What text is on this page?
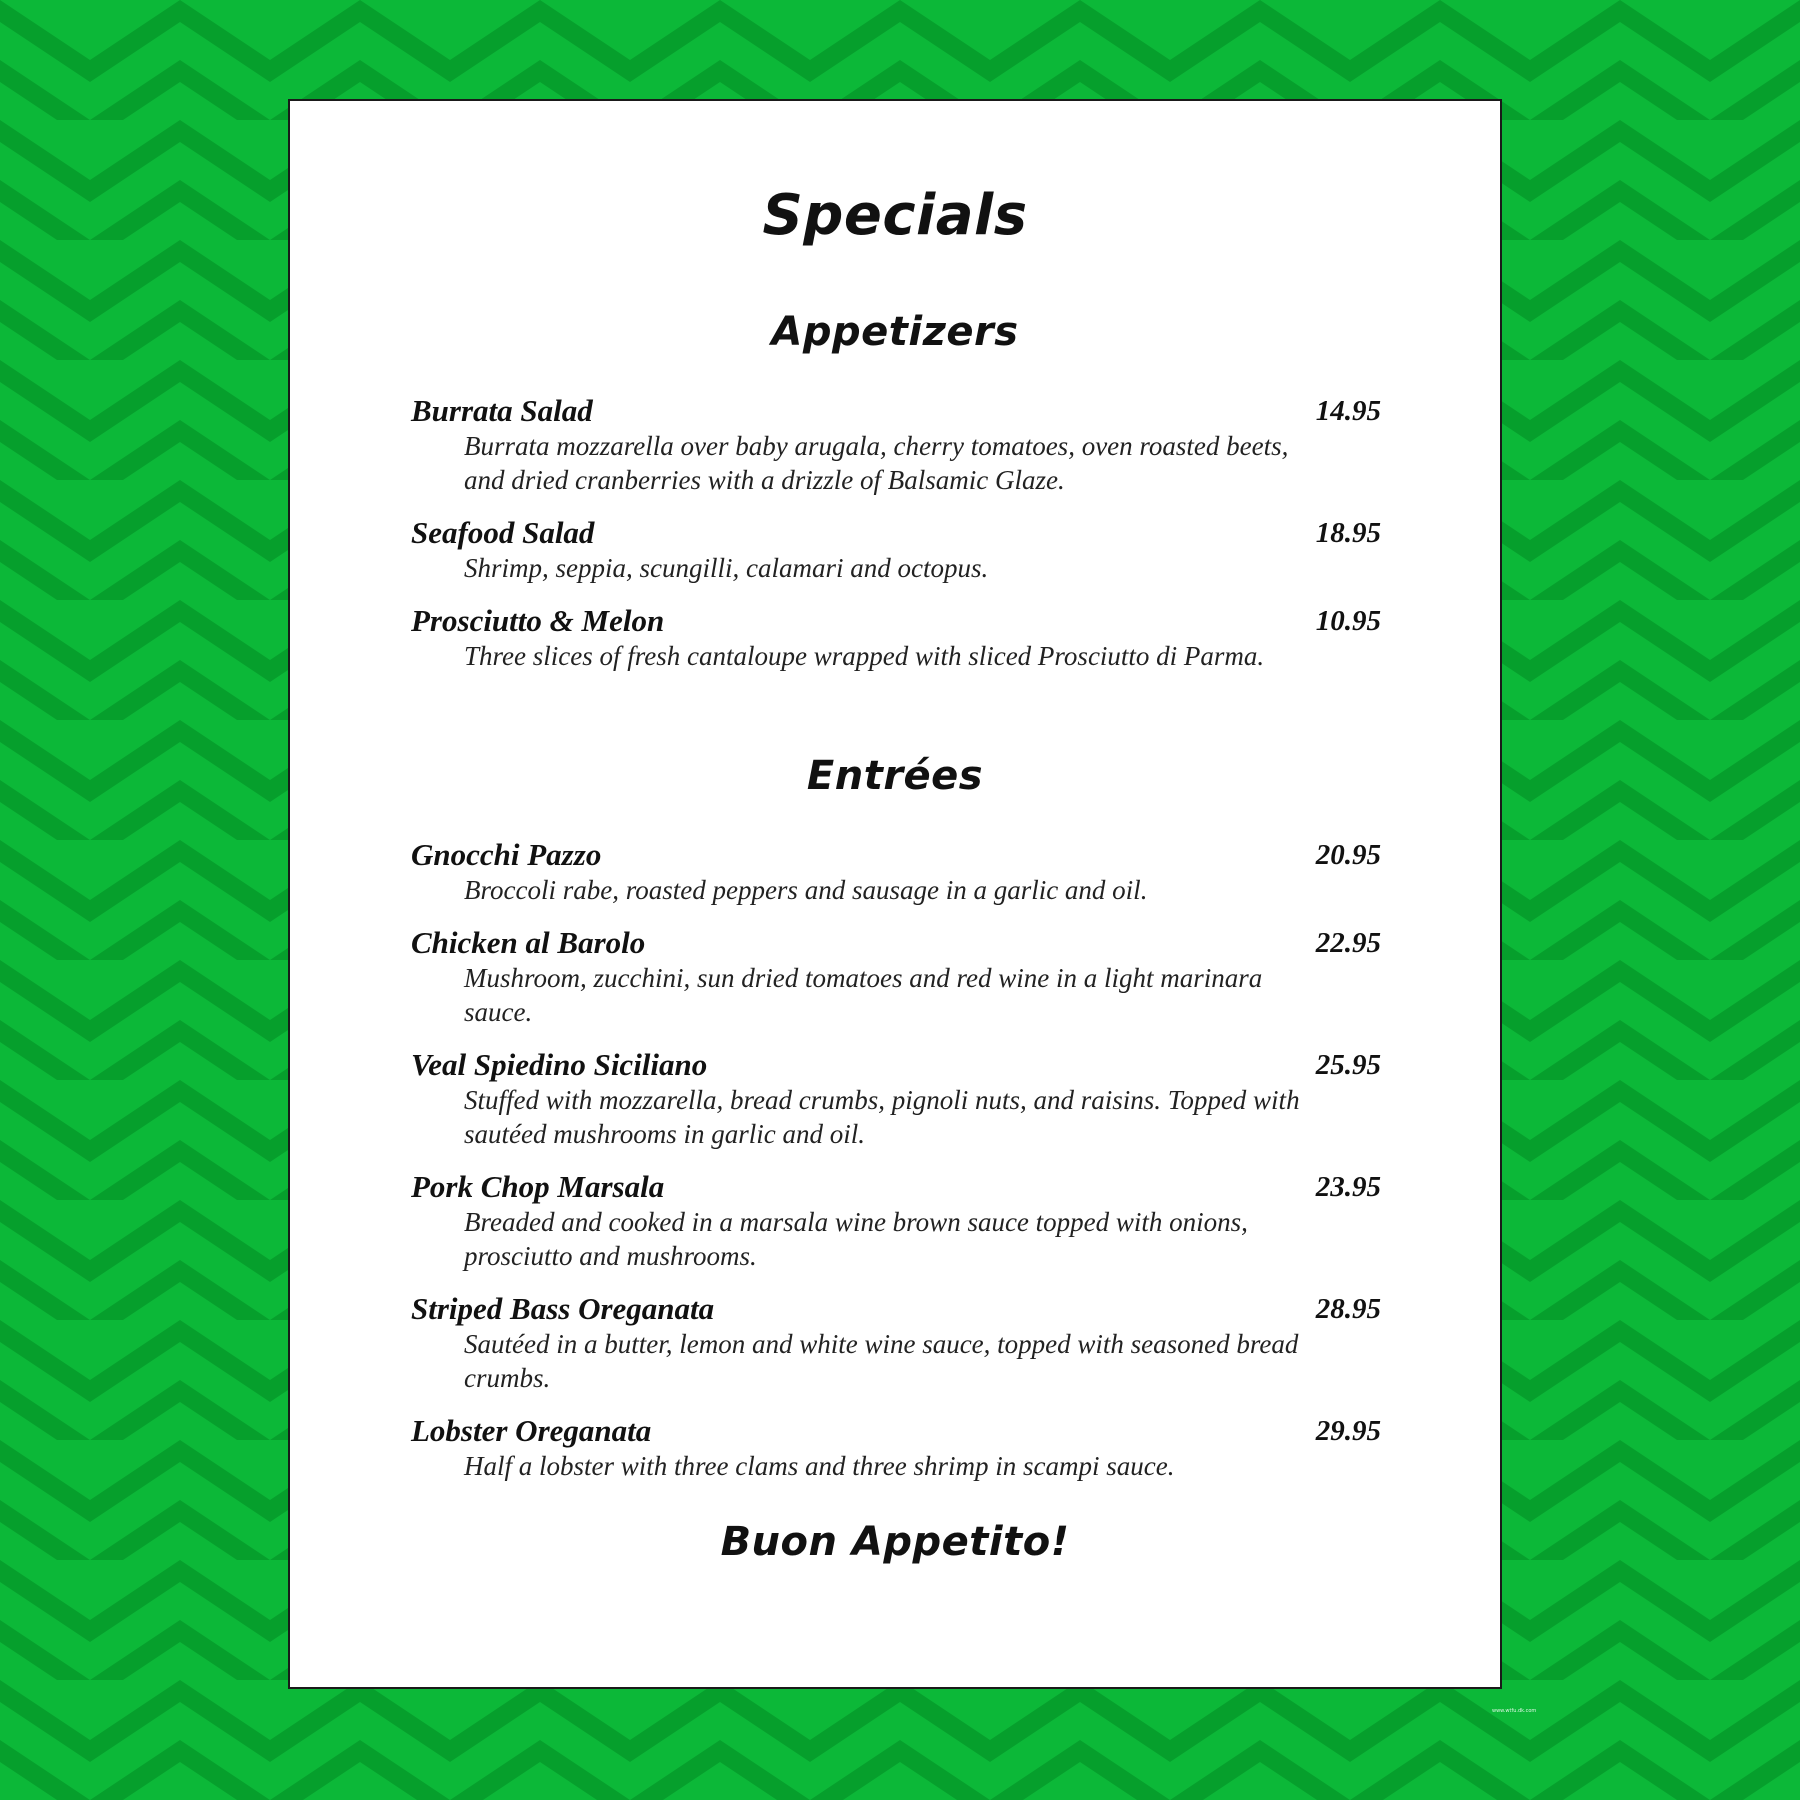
Specials
Appetizers
Burrata Salad	14.95
Burrata mozzarella over baby arugala, cherry tomatoes, oven roasted beets, and dried cranberries with a drizzle of Balsamic Glaze.
Seafood Salad	18.95
Shrimp, seppia, scungilli, calamari and octopus.
Prosciutto & Melon	10.95
Three slices of fresh cantaloupe wrapped with sliced Prosciutto di Parma.
Entrées
Gnocchi Pazzo	20.95
Broccoli rabe, roasted peppers and sausage in a garlic and oil.
Chicken al Barolo	22.95
Mushroom, zucchini, sun dried tomatoes and red wine in a light marinara sauce.
Veal Spiedino Siciliano	25.95
Stuffed with mozzarella, bread crumbs, pignoli nuts, and raisins. Topped with sautéed mushrooms in garlic and oil.
Pork Chop Marsala	23.95
Breaded and cooked in a marsala wine brown sauce topped with onions, prosciutto and mushrooms.
Striped Bass Oreganata	28.95
Sautéed in a butter, lemon and white wine sauce, topped with seasoned bread crumbs.
Lobster Oreganata	29.95
Half a lobster with three clams and three shrimp in scampi sauce.
Buon Appetito!
www.wtfu.dk.com
